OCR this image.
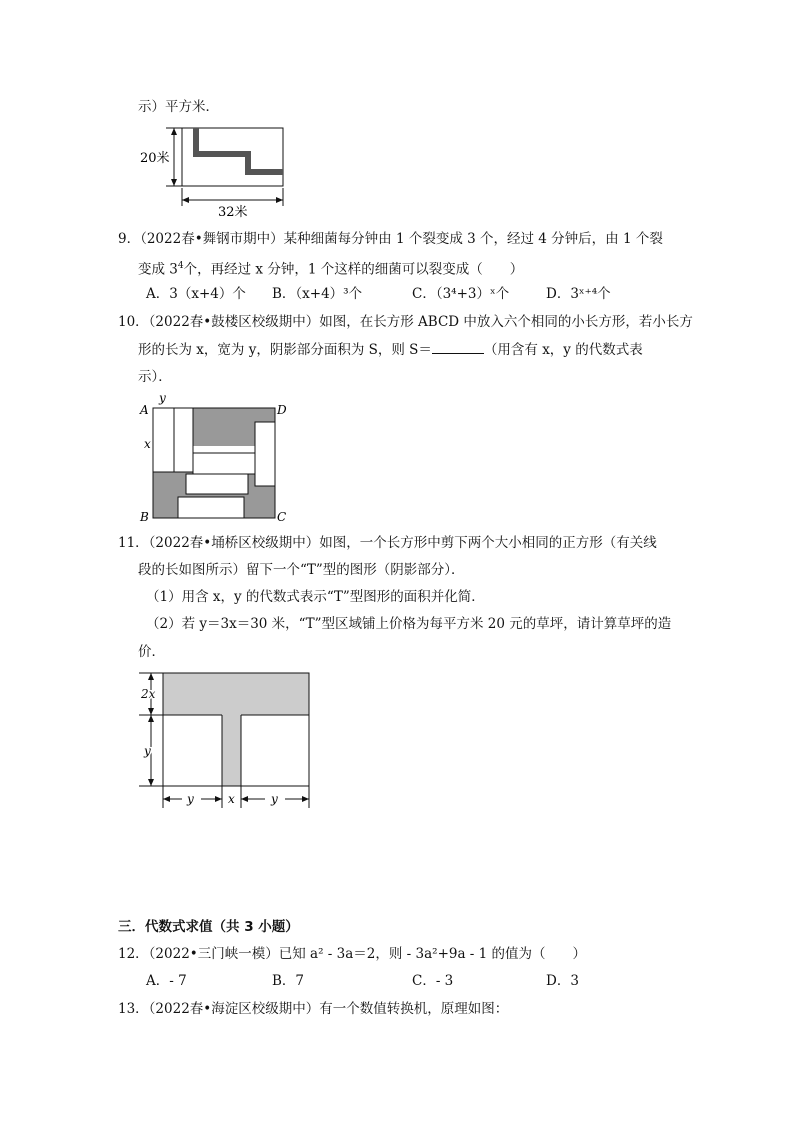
示）平方米．
20米
32米
9．（2022春•舞钢市期中）某种细菌每分钟由 1 个裂变成 3 个，经过 4 分钟后，由 1 个裂
变成 $3^4$个，再经过 x 分钟，1 个这样的细菌可以裂变成（　　）
A．3（x+4）个 B．（x+4）³个	C．（3⁴+3）ˣ个	D．3ˣ⁺⁴个
10．（2022春•鼓楼区校级期中）如图，在长方形 ABCD 中放入六个相同的小长方形，若小长方
形的长为 x，宽为 y，阴影部分面积为 S，则 S＝	（用含有 x，y 的代数式表
示）．
A	D
B	C
x
y
11．（2022春•埇桥区校级期中）如图，一个长方形中剪下两个大小相同的正方形（有关线
段的长如图所示）留下一个“T”型的图形（阴影部分）．
（1）用含 x，y 的代数式表示“T”型图形的面积并化简．
（2）若 y＝3x＝30 米，“T”型区域铺上价格为每平方米 20 元的草坪，请计算草坪的造
价．
2x
y
y	x	y
三．代数式求值（共 3 小题）
12．（2022•三门峡一模）已知 a² - 3a＝2，则 - 3a²+9a - 1 的值为（　　）
A．- 7	B．7	C．- 3	D．3
13．（2022春•海淀区校级期中）有一个数值转换机，原理如图：
